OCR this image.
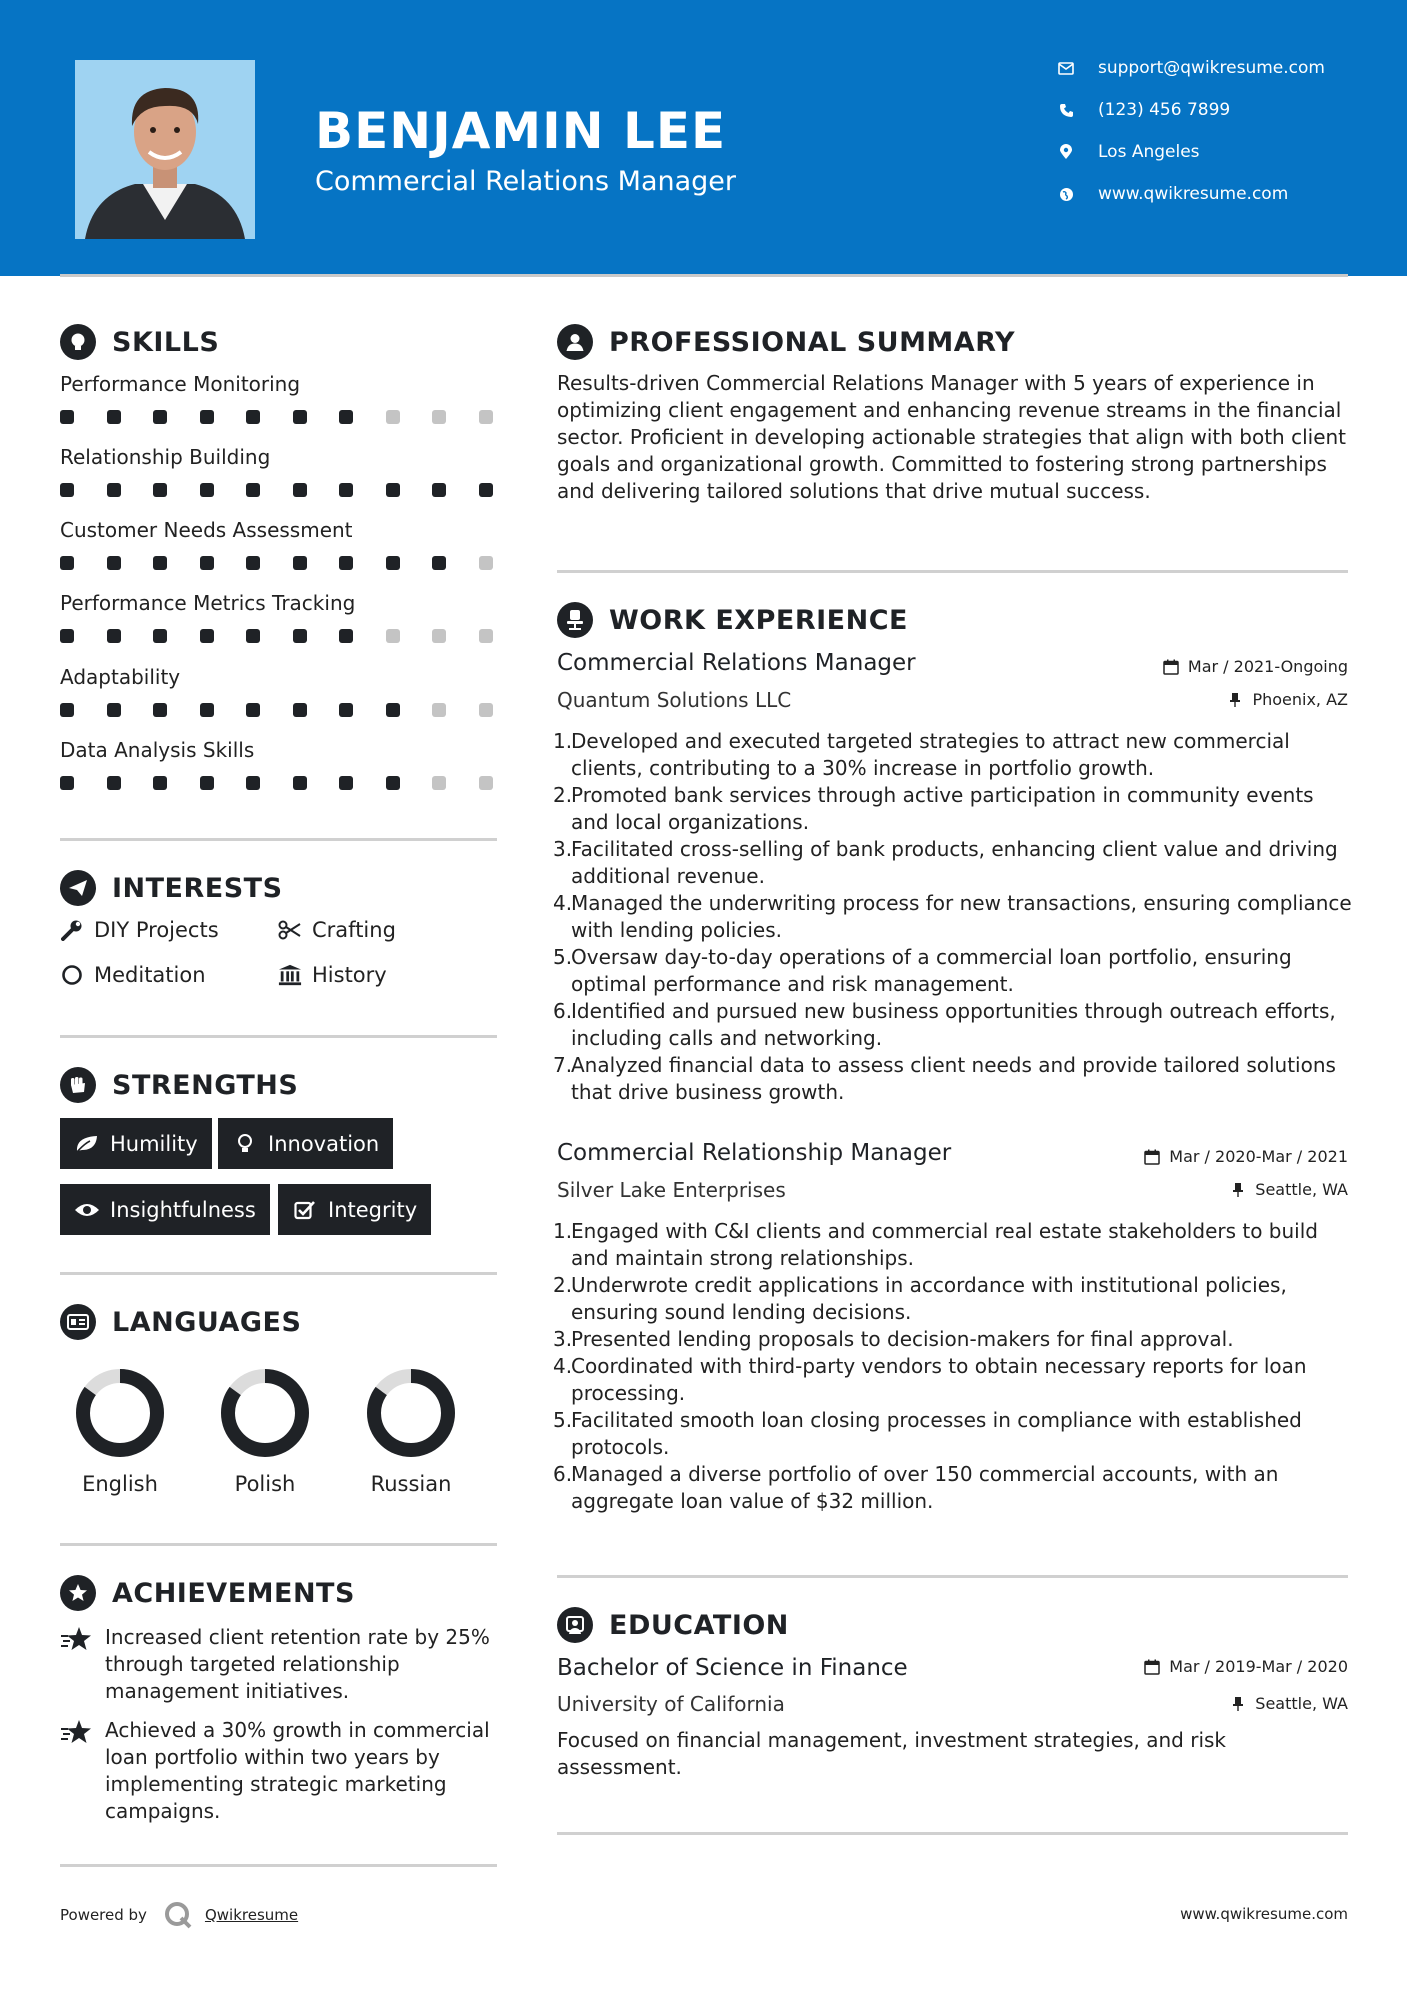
BENJAMIN LEE
Commercial Relations Manager
support@qwikresume.com
(123) 456 7899
Los Angeles
www.qwikresume.com
SKILLS
Performance Monitoring
Relationship Building
Customer Needs Assessment
Performance Metrics Tracking
Adaptability
Data Analysis Skills
INTERESTS
DIY Projects	Crafting
Meditation	History
STRENGTHS
Humility	Innovation
Insightfulness	Integrity
LANGUAGES
English	Polish	Russian
ACHIEVEMENTS
Increased client retention rate by 25% through targeted relationship management initiatives.
Achieved a 30% growth in commercial loan portfolio within two years by implementing strategic marketing campaigns.
PROFESSIONAL SUMMARY
Results-driven Commercial Relations Manager with 5 years of experience in optimizing client engagement and enhancing revenue streams in the financial sector. Proficient in developing actionable strategies that align with both client goals and organizational growth. Committed to fostering strong partnerships and delivering tailored solutions that drive mutual success.
WORK EXPERIENCE
Commercial Relations Manager	Mar / 2021-Ongoing
Quantum Solutions LLC	Phoenix, AZ
1.
Developed and executed targeted strategies to attract new commercial clients, contributing to a 30% increase in portfolio growth.
2.
Promoted bank services through active participation in community events and local organizations.
3.
Facilitated cross-selling of bank products, enhancing client value and driving additional revenue.
4.
Managed the underwriting process for new transactions, ensuring compliance with lending policies.
5.
Oversaw day-to-day operations of a commercial loan portfolio, ensuring optimal performance and risk management.
6.
Identified and pursued new business opportunities through outreach efforts, including calls and networking.
7.
Analyzed financial data to assess client needs and provide tailored solutions that drive business growth.
Commercial Relationship Manager	Mar / 2020-Mar / 2021
Silver Lake Enterprises	Seattle, WA
1.
Engaged with C&I clients and commercial real estate stakeholders to build and maintain strong relationships.
2.
Underwrote credit applications in accordance with institutional policies, ensuring sound lending decisions.
3.
Presented lending proposals to decision-makers for final approval.
4.
Coordinated with third-party vendors to obtain necessary reports for loan processing.
5.
Facilitated smooth loan closing processes in compliance with established protocols.
6.
Managed a diverse portfolio of over 150 commercial accounts, with an aggregate loan value of $32 million.
EDUCATION
Bachelor of Science in Finance	Mar / 2019-Mar / 2020
University of California	Seattle, WA
Focused on financial management, investment strategies, and risk assessment.
Powered by	Qwikresume	www.qwikresume.com
